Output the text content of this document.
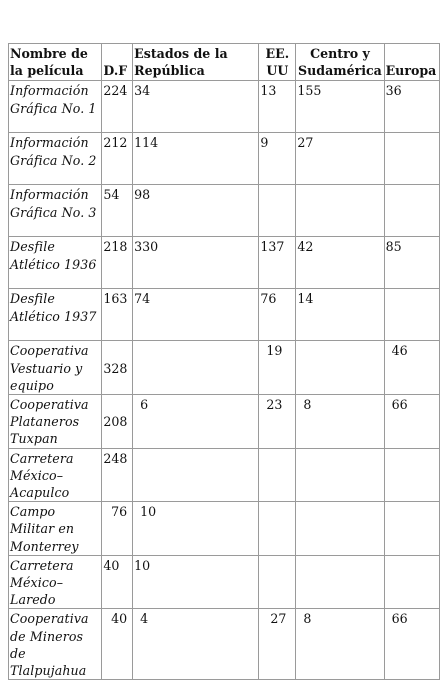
Nombre de la película	D.F	Estados de la República	EE. UU	Centro y Sudamérica	Europa
Información Gráfica No. 1	224	34	13	155	36
Información Gráfica No. 2	212	114	9	27	
Información Gráfica No. 3	54	98			
Desfile Atlético 1936	218	330	137	42	85
Desfile Atlético 1937	163	74	76	14	
Cooperativa Vestuario y equipo	328		19		46
Cooperativa Plataneros Tuxpan	208	6	23	8	66
Carretera México–Acapulco	248				
Campo Militar en Monterrey	76	10			
Carretera México–Laredo	40	10			
Cooperativa de Mineros de Tlalpujahua	40	4	27	8	66
